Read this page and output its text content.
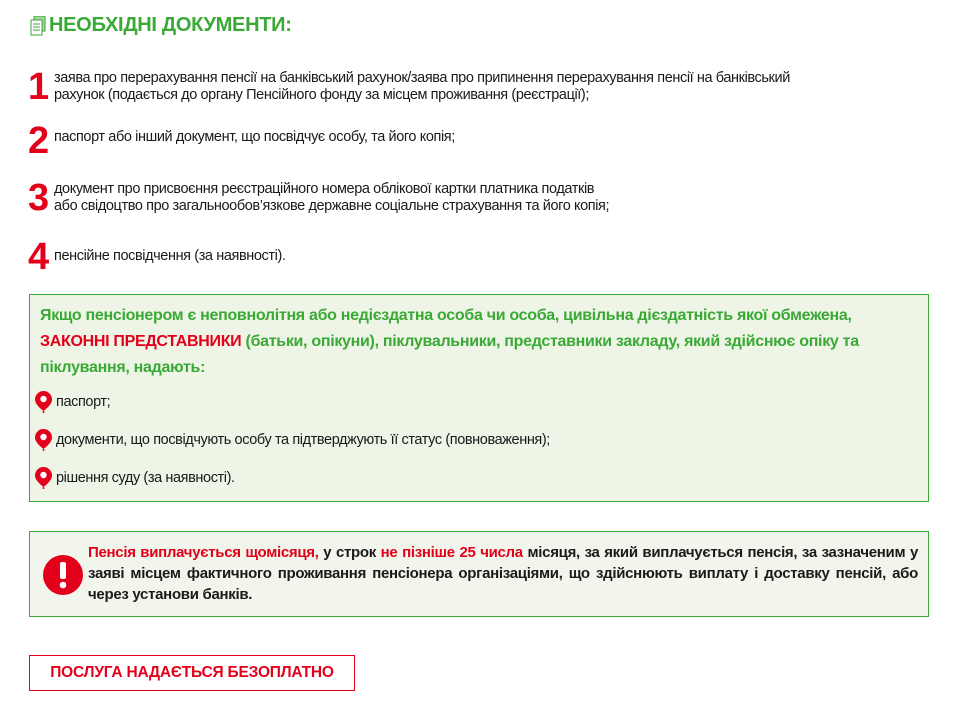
НЕОБХІДНІ ДОКУМЕНТИ:
1 заява про перерахування пенсії на банківський рахунок/заява про припинення перерахування пенсії на банківський
рахунок (подається до органу Пенсійного фонду за місцем проживання (реєстрації);
2 паспорт або інший документ, що посвідчує особу, та його копія;
3 документ про присвоєння реєстраційного номера облікової картки платника податків
або свідоцтво про загальнообов’язкове державне соціальне страхування та його копія;
4 пенсійне посвідчення (за наявності).
Якщо пенсіонером є неповнолітня або недієздатна особа чи особа, цивільна дієздатність якої обмежена, ЗАКОННІ ПРЕДСТАВНИКИ (батьки, опікуни), піклувальники, представники закладу, який здійснює опіку та піклування, надають:
паспорт;
документи, що посвідчують особу та підтверджують її статус (повноваження);
рішення суду (за наявності).
Пенсія виплачується щомісяця, у строк не пізніше 25 числа місяця, за який виплачується пенсія, за зазначеним у заяві місцем фактичного проживання пенсіонера організаціями, що здійснюють виплату і доставку пенсій, або через установи банків.
ПОСЛУГА НАДАЄТЬСЯ БЕЗОПЛАТНО
